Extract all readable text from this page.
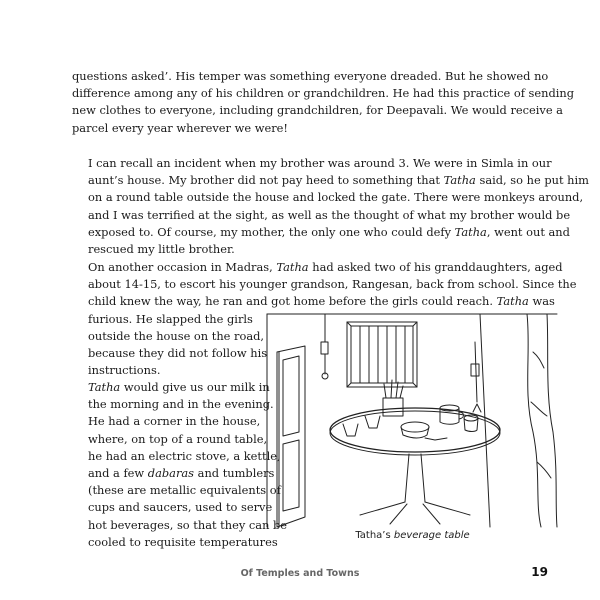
questions asked’. His temper was something everyone dreaded. But he showed no
difference among any of his children or grandchildren. He had this practice of sending
new clothes to everyone, including grandchildren, for Deepavali. We would receive a
parcel every year wherever we were!
I can recall an incident when my brother was around 3. We were in Simla in our
aunt’s house. My brother did not pay heed to something that Tatha said, so he put him
on a round table outside the house and locked the gate. There were monkeys around,
and I was terrified at the sight, as well as the thought of what my brother would be
exposed to. Of course, my mother, the only one who could defy Tatha, went out and
rescued my little brother.
On another occasion in Madras, Tatha had asked two of his granddaughters, aged
about 14-15, to escort his younger grandson, Rangesan, back from school. Since the
child knew the way, he ran and got home before the girls could reach. Tatha was
furious. He slapped the girls
outside the house on the road,
because they did not follow his
instructions.
Tatha would give us our milk in
the morning and in the evening.
He had a corner in the house,
where, on top of a round table,
he had an electric stove, a kettle,
and a few dabaras and tumblers
(these are metallic equivalents of
cups and saucers, used to serve
hot beverages, so that they can be
cooled to requisite temperatures	Tatha’s beverage table
Of Temples and Towns	19
